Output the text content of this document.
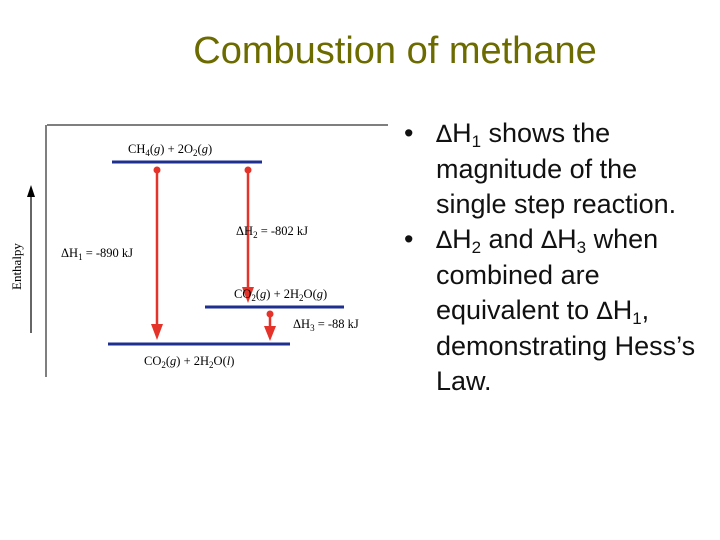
Combustion of methane
Enthalpy
$CH_4(g) + 2O_2(g)$
$\Delta H_1 = -890$ kJ
$\Delta H_2 = -802$ kJ
$CO_2(g) + 2H_2O(g)$
$\Delta H_3 = -88$ kJ
$CO_2(g) + 2H_2O(l)$
• $\Delta H_1$ shows the magnitude of the single step reaction.
• $\Delta H_2$ and $\Delta H_3$ when combined are equivalent to $\Delta H_1$, demonstrating Hess’s Law.
